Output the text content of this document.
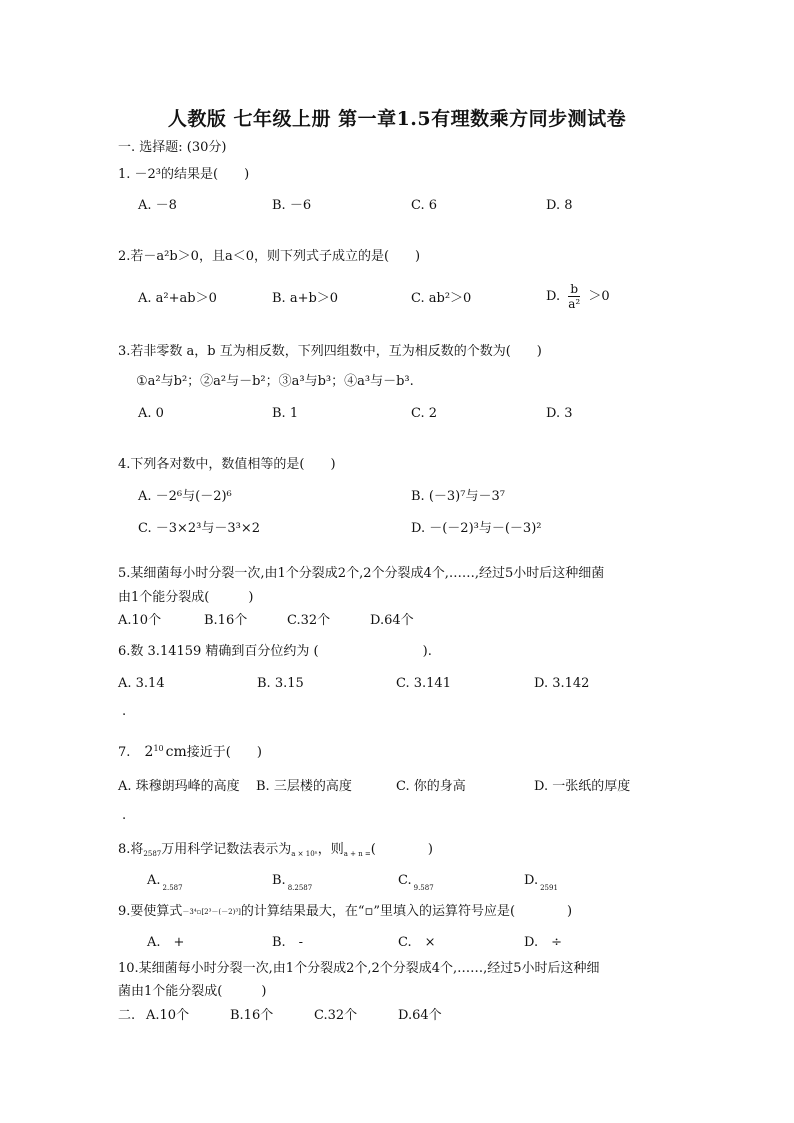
人教版 七年级上册 第一章1.5有理数乘方同步测试卷
一. 选择题: (30分)
1. －2³的结果是(　　)
A. －8	B. －6	C. 6	D. 8
2.若－a²b＞0，且a＜0，则下列式子成立的是(　　)
A. a²+ab＞0	B. a+b＞0	C. ab²＞0	D. $\frac{b}{\text{a²}} >0$
3.若非零数 a，b 互为相反数，下列四组数中，互为相反数的个数为(　　)
①a²与b²；②a²与－b²；③a³与b³；④a³与－b³.
A. 0	B. 1	C. 2	D. 3
4.下列各对数中，数值相等的是(　　)
A. －2⁶与(－2)⁶	B. (－3)⁷与－3⁷
C. －3×2³与－3³×2	D. －(－2)³与－(－3)²
5.某细菌每小时分裂一次,由1个分裂成2个,2个分裂成4个,……,经过5小时后这种细菌
由1个能分裂成(　　　)
A.10个	B.16个	C.32个	D.64个
6.数 3.14159 精确到百分位约为 (　　　　　　　　).
A. 3.14	B. 3.15	C. 3.141	D. 3.142
.
7. $2^{10}$ cm接近于(　　)
A. 珠穆朗玛峰的高度 B. 三层楼的高度	C. 你的身高	D. 一张纸的厚度
.
8.将$_{2587}$万用科学记数法表示为$_{a \times 10^n}$，则$_{a + n =}$(　　　　)
A. $_{2.587}$	B. $_{8.2587}$	C. $_{9.587}$	D. $_{2591}$
9.要使算式－3⁴▫[2³－(－2)³]的计算结果最大，在“▫”里填入的运算符号应是(　　　　)
A.　+	B.　-	C.　×	D.　÷
10.某细菌每小时分裂一次,由1个分裂成2个,2个分裂成4个,……,经过5小时后这种细
菌由1个能分裂成(　　　)
二. A.10个	B.16个	C.32个	D.64个
